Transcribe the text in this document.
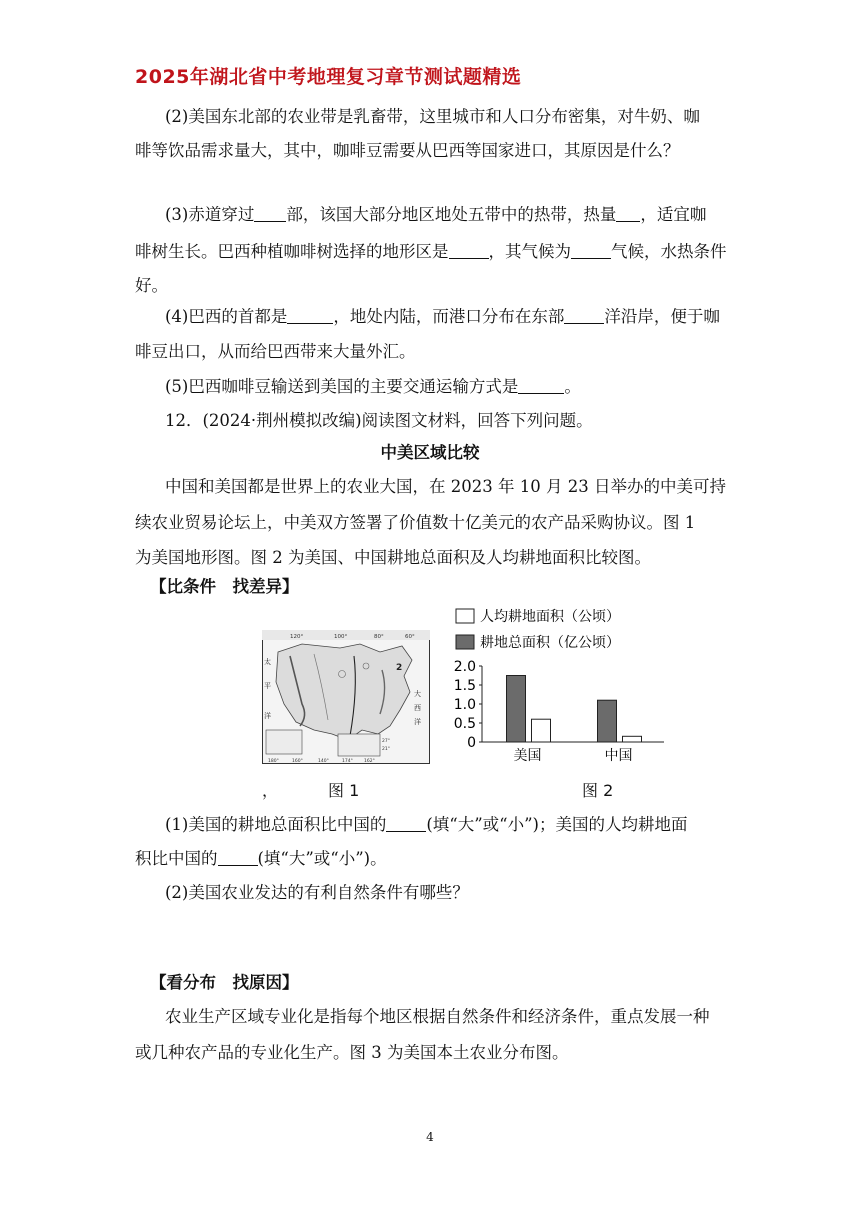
2025年湖北省中考地理复习章节测试题精选
(2)美国东北部的农业带是乳畜带，这里城市和人口分布密集，对牛奶、咖
啡等饮品需求量大，其中，咖啡豆需要从巴西等国家进口，其原因是什么？
(3)赤道穿过 部，该国大部分地区地处五带中的热带，热量 ，适宜咖
啡树生长。巴西种植咖啡树选择的地形区是 ，其气候为 气候，水热条件
好。
(4)巴西的首都是	，地处内陆，而港口分布在东部 洋沿岸，便于咖
啡豆出口，从而给巴西带来大量外汇。
(5)巴西咖啡豆输送到美国的主要交通运输方式是	。
12．(2024·荆州模拟改编)阅读图文材料，回答下列问题。
中美区域比较
中国和美国都是世界上的农业大国，在 2023 年 10 月 23 日举办的中美可持
续农业贸易论坛上，中美双方签署了价值数十亿美元的农产品采购协议。图 1
为美国地形图。图 2 为美国、中国耕地总面积及人均耕地面积比较图。
【比条件　找差异】
120°	100°	80°	60°
太
平
洋
大
西
洋
2
27°
21°
180°	160°	140°	174° 162°
人均耕地面积（公顷）
耕地总面积（亿公顷）
2.0
1.5
1.0
0.5
0
美国	中国
，	图 1	图 2
(1)美国的耕地总面积比中国的 (填“大”或“小”)；美国的人均耕地面
积比中国的 (填“大”或“小”)。
(2)美国农业发达的有利自然条件有哪些？
【看分布　找原因】
农业生产区域专业化是指每个地区根据自然条件和经济条件，重点发展一种
或几种农产品的专业化生产。图 3 为美国本土农业分布图。
4
